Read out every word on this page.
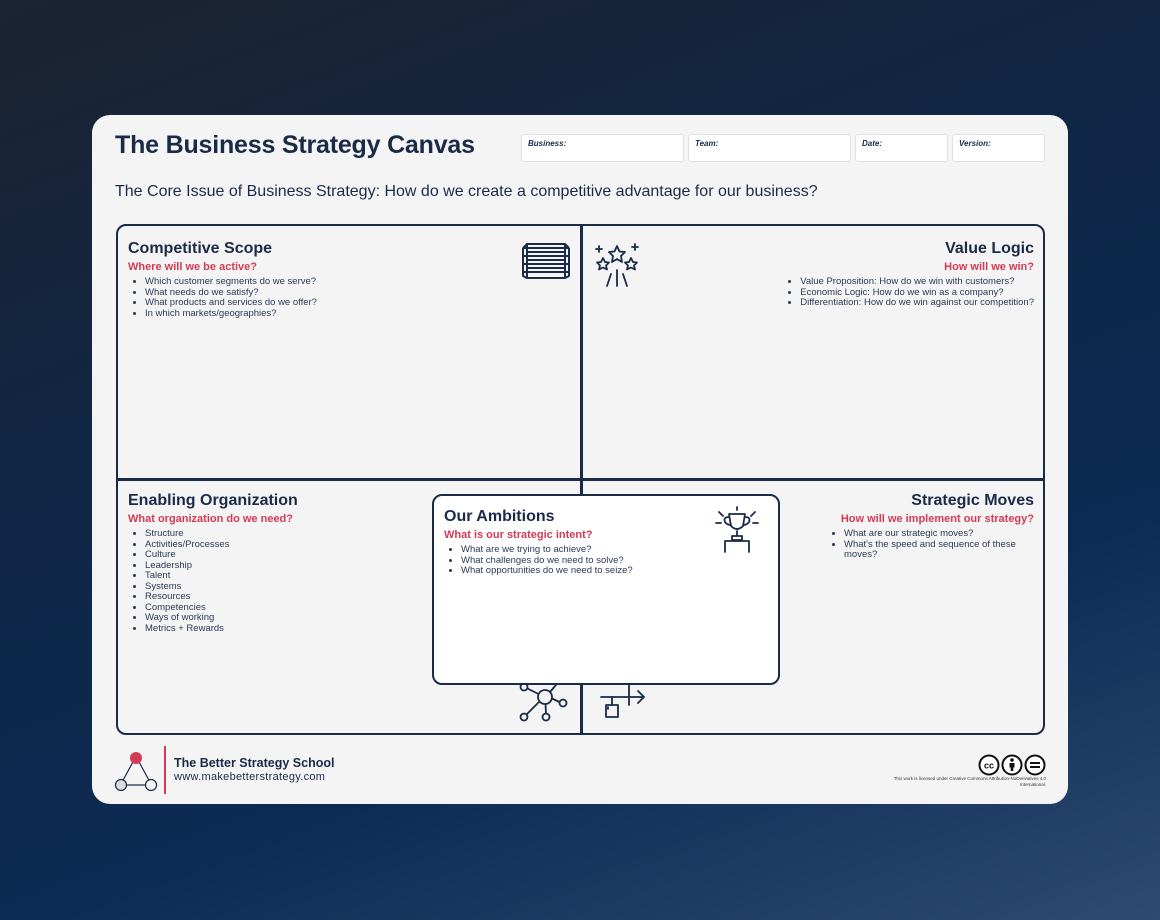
The Business Strategy Canvas	Business:	Team:	Date:	Version:

The Core Issue of Business Strategy: How do we create a competitive advantage for our business?

Competitive Scope
Where will we be active?
• Which customer segments do we serve?
• What needs do we satisfy?
• What products and services do we offer?
• In which markets/geographies?
Value Logic
How will we win?
• Value Proposition: How do we win with customers?
• Economic Logic: How do we win as a company?
• Differentiation: How do we win against our competition?
Enabling Organization
What organization do we need?
• Structure
• Activities/Processes
• Culture
• Leadership
• Talent
• Systems
• Resources
• Competencies
• Ways of working
• Metrics + Rewards
Strategic Moves
How will we implement our strategy?
• What are our strategic moves?
• What's the speed and sequence of these moves?
Our Ambitions
What is our strategic intent?
• What are we trying to achieve?
• What challenges do we need to solve?
• What opportunities do we need to seize?
The Better Strategy School
www.makebetterstrategy.com
cc
This work is licensed under Creative Commons Attribution-NoDerivatives 4.0 International.
